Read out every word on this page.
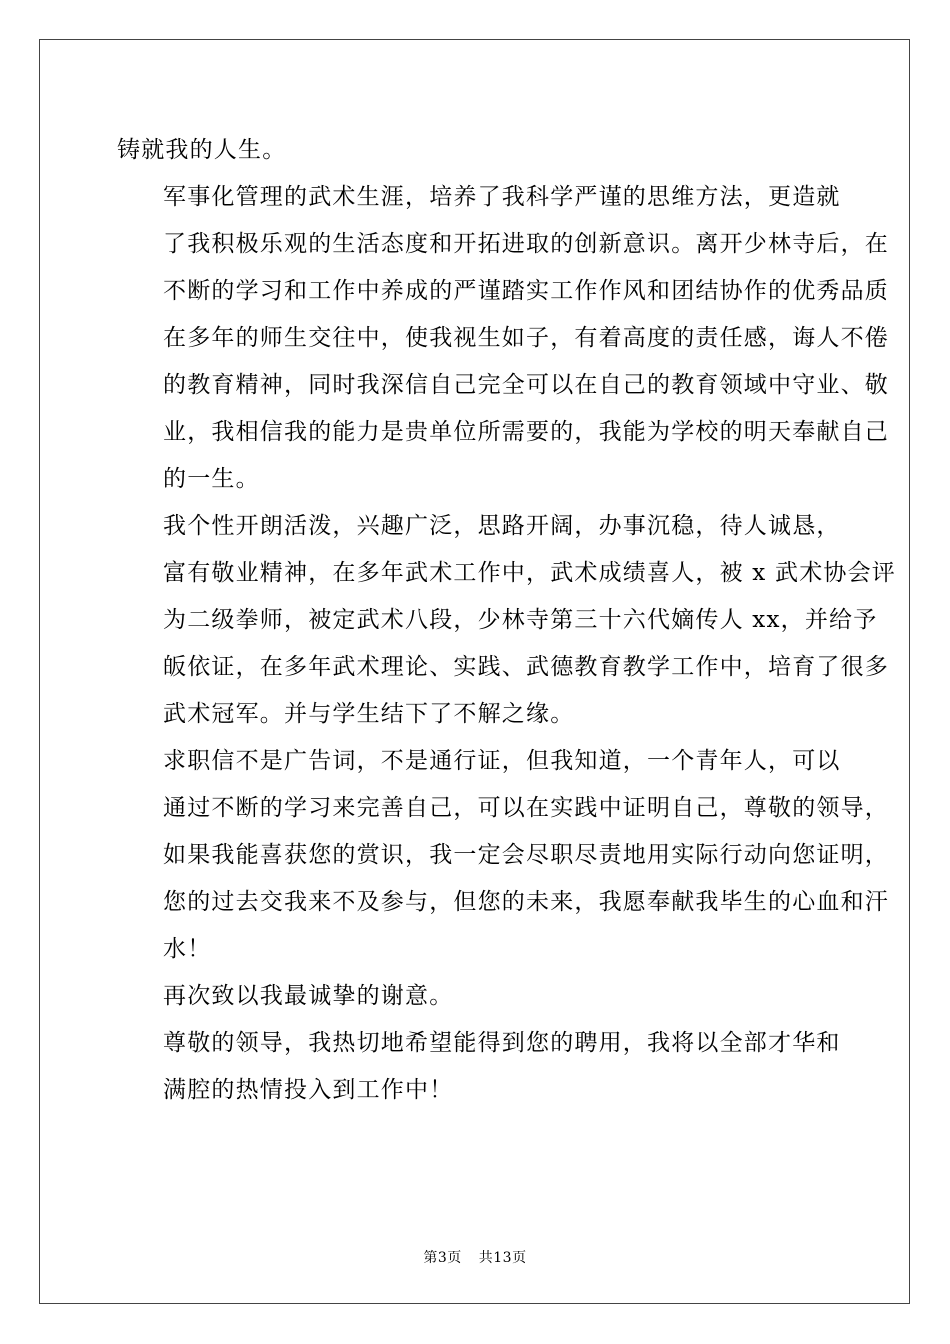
铸就我的人生。

军事化管理的武术生涯，培养了我科学严谨的思维方法，更造就
了我积极乐观的生活态度和开拓进取的创新意识。离开少林寺后，在
不断的学习和工作中养成的严谨踏实工作作风和团结协作的优秀品质
在多年的师生交往中，使我视生如子，有着高度的责任感，诲人不倦
的教育精神，同时我深信自己完全可以在自己的教育领域中守业、敬
业，我相信我的能力是贵单位所需要的，我能为学校的明天奉献自己
的一生。

我个性开朗活泼，兴趣广泛，思路开阔，办事沉稳，待人诚恳，
富有敬业精神，在多年武术工作中，武术成绩喜人，被 x 武术协会评
为二级拳师，被定武术八段，少林寺第三十六代嫡传人 xx，并给予
皈依证，在多年武术理论、实践、武德教育教学工作中，培育了很多
武术冠军。并与学生结下了不解之缘。

求职信不是广告词，不是通行证，但我知道，一个青年人，可以
通过不断的学习来完善自己，可以在实践中证明自己，尊敬的领导，
如果我能喜获您的赏识，我一定会尽职尽责地用实际行动向您证明，
您的过去交我来不及参与，但您的未来，我愿奉献我毕生的心血和汗
水！

再次致以我最诚挚的谢意。

尊敬的领导，我热切地希望能得到您的聘用，我将以全部才华和
满腔的热情投入到工作中！

第3页 共13页
